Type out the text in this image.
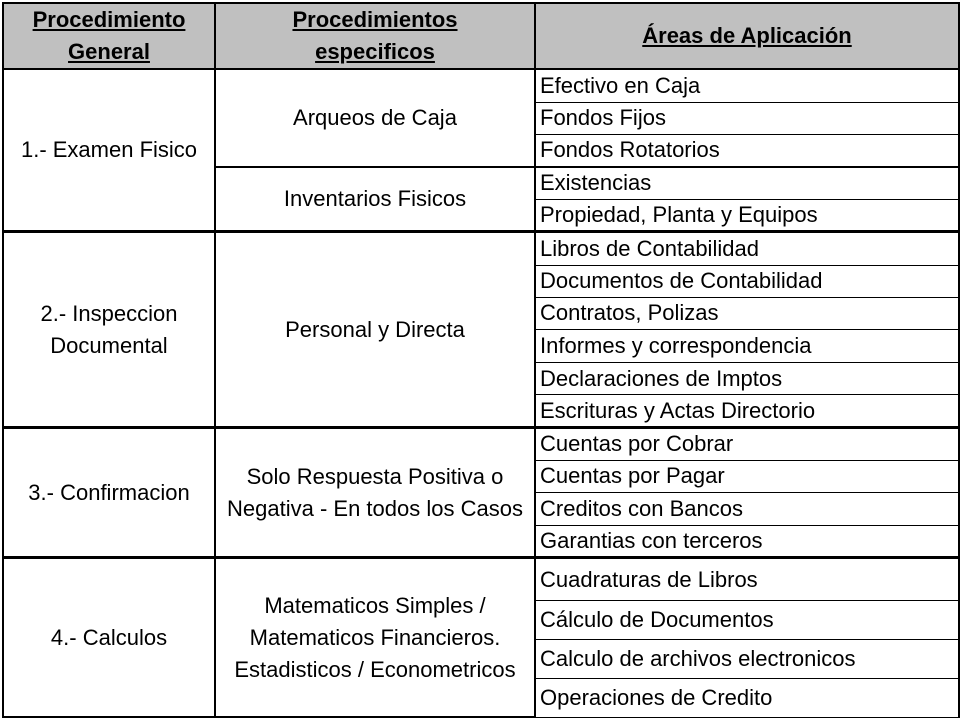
Procedimiento General	Procedimientos especificos	Áreas de Aplicación
1.- Examen Fisico	Arqueos de Caja	Efectivo en Caja
		Fondos Fijos
		Fondos Rotatorios
	Inventarios Fisicos	Existencias
		Propiedad, Planta y Equipos

2.- Inspeccion Documental	Personal y Directa	Libros de Contabilidad
		Documentos de Contabilidad
		Contratos, Polizas
		Informes y correspondencia
		Declaraciones de Imptos
		Escrituras y Actas Directorio
3.- Confirmacion	Solo Respuesta Positiva o Negativa - En todos los Casos	Cuentas por Cobrar
		Cuentas por Pagar
		Creditos con Bancos
		Garantias con terceros
4.- Calculos	Matematicos Simples / Matematicos Financieros. Estadisticos / Econometricos	Cuadraturas de Libros
		Cálculo de Documentos
		Calculo de archivos electronicos
		Operaciones de Credito
